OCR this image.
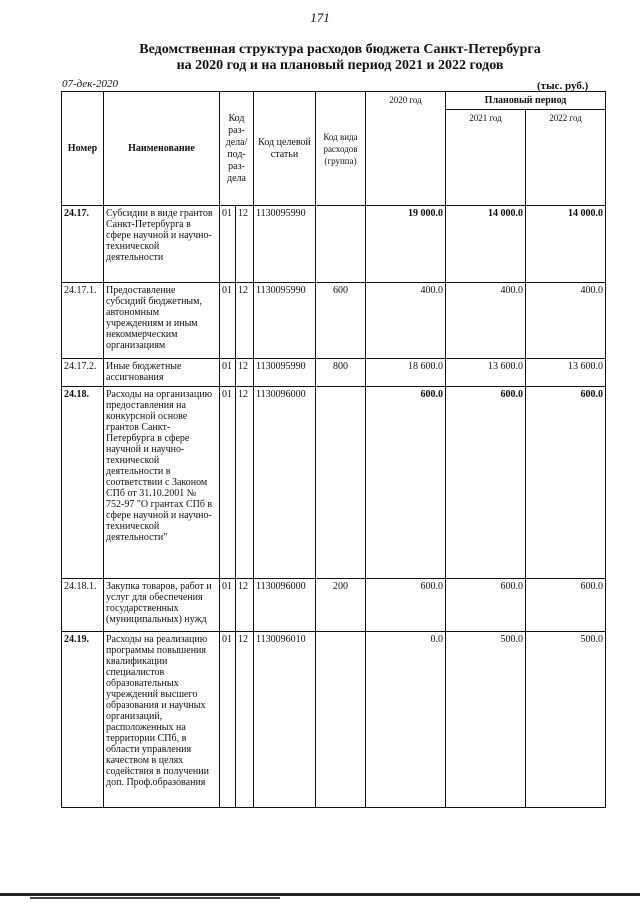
171
Ведомственная структура расходов бюджета Санкт-Петербурга
на 2020 год и на плановый период 2021 и 2022 годов
07-дек-2020	(тыс. руб.)
Номер	Наименование	Код раз-дела/ под-раз-дела		Код целевой статьи	Код вида расходов (группа)	2020 год	Плановый период	
							2021 год	2022 год
24.17.	Субсидии в виде грантов Санкт-Петербурга в сфере научной и научно-технической деятельности	01	12	1130095990		19 000.0	14 000.0	14 000.0
24.17.1.	Предоставление субсидий бюджетным, автономным учреждениям и иным некоммерческим организациям	01	12	1130095990	600	400.0	400.0	400.0
24.17.2.	Иные бюджетные ассигнования	01	12	1130095990	800	18 600.0	13 600.0	13 600.0
24.18.	Расходы на организацию предоставления на конкурсной основе грантов Санкт-Петербурга в сфере научной и научно-технической деятельности в соответствии с Законом СПб от 31.10.2001 № 752-97 "О грантах СПб в сфере научной и научно-технической деятельности"	01	12	1130096000		600.0	600.0	600.0
24.18.1.	Закупка товаров, работ и услуг для обеспечения государственных (муниципальных) нужд	01	12	1130096000	200	600.0	600.0	600.0
24.19.	Расходы на реализацию программы повышения квалификации специалистов образовательных учреждений высшего образования и научных организаций, расположенных на территории СПб, в области управления качеством в целях содействия в получении доп. Проф.образования	01	12	1130096010		0.0	500.0	500.0
